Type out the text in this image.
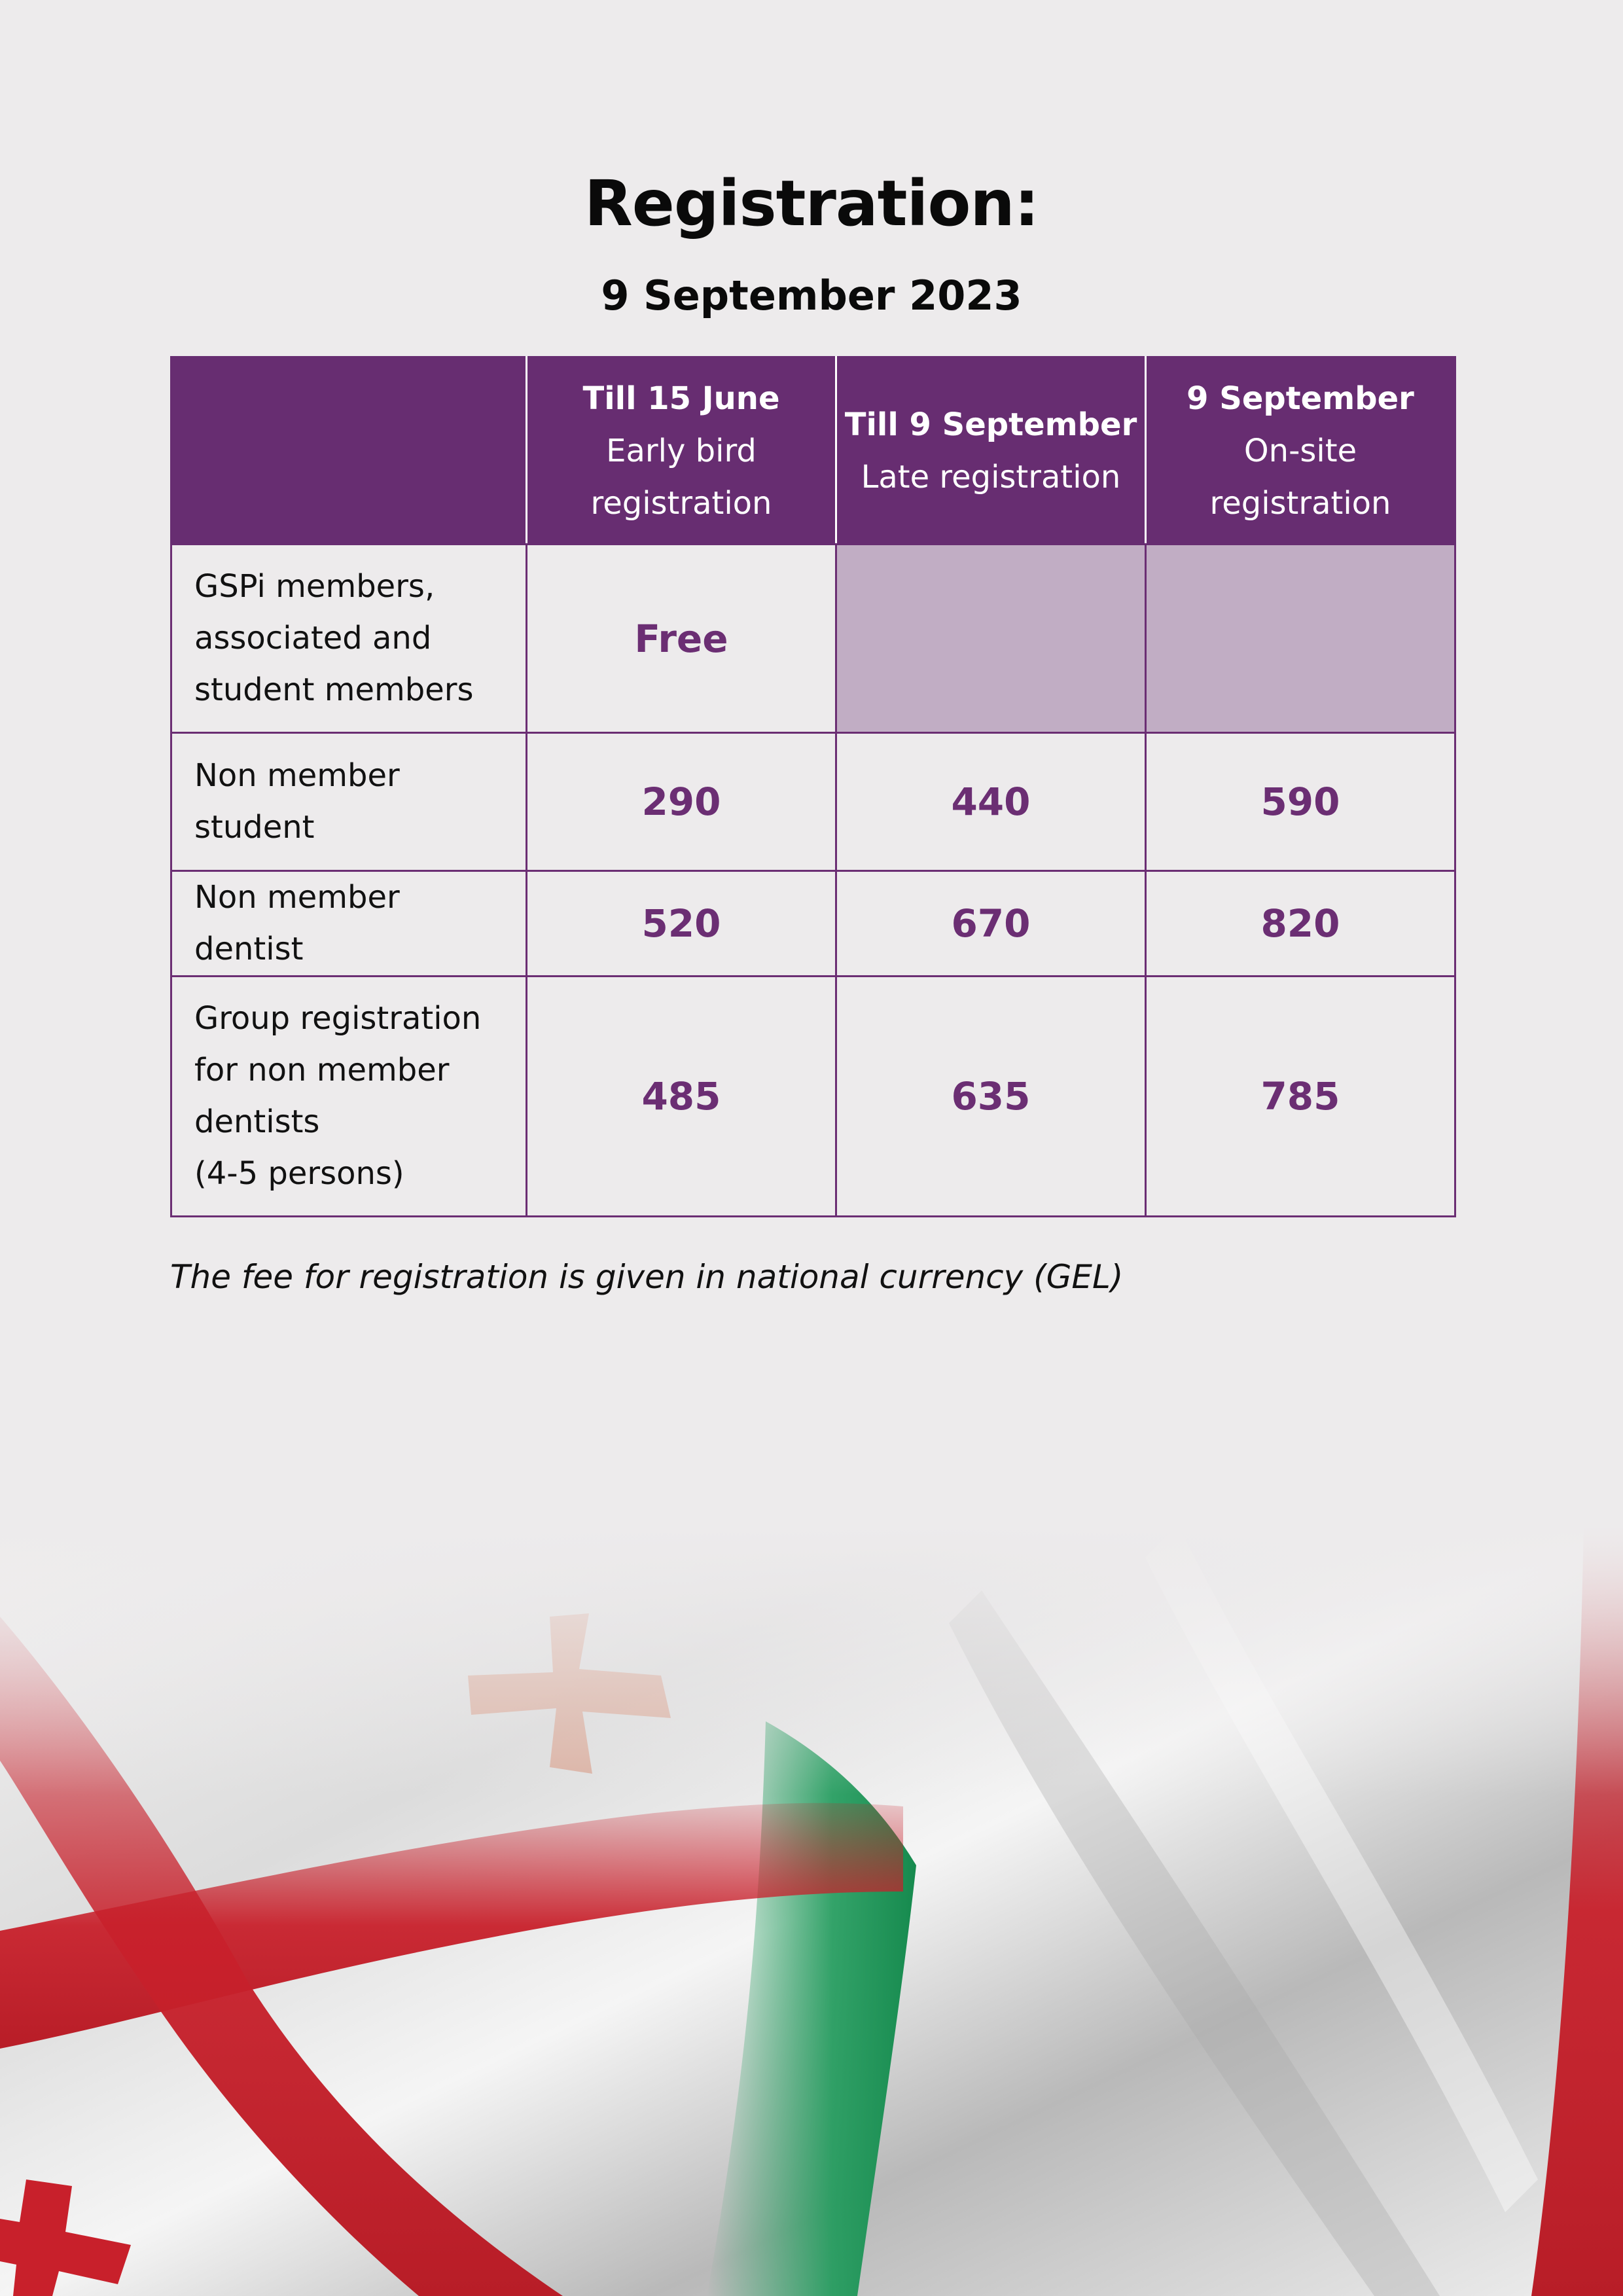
Registration:
9 September 2023

	Till 15 June
Early bird
registration	Till 9 September
Late registration	9 September
On-site
registration

GSPi members,
associated and
student members	Free		

Non member
student	290	440	590

Non member dentist	520	670	820

Group registration
for non member
dentists
(4-5 persons)	485	635	785
The fee for registration is given in national currency (GEL)
